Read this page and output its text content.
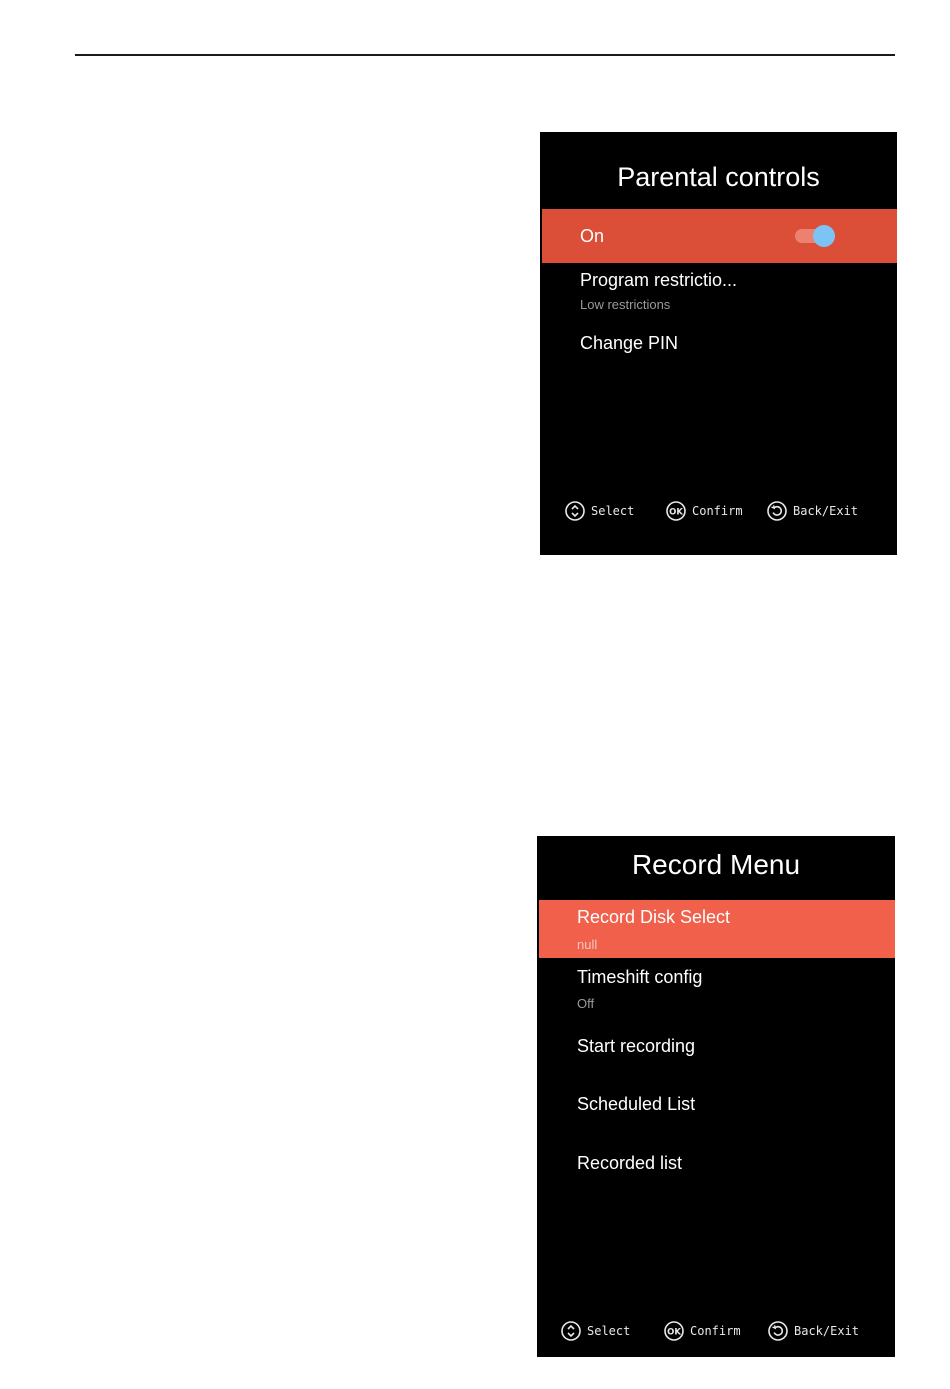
Parental controls
On
Program restrictio...
Low restrictions
Change PIN
Select	OK Confirm	Back/Exit
Record Menu
Record Disk Select
null
Timeshift config
Off
Start recording
Scheduled List
Recorded list
Select	OK Confirm	Back/Exit
